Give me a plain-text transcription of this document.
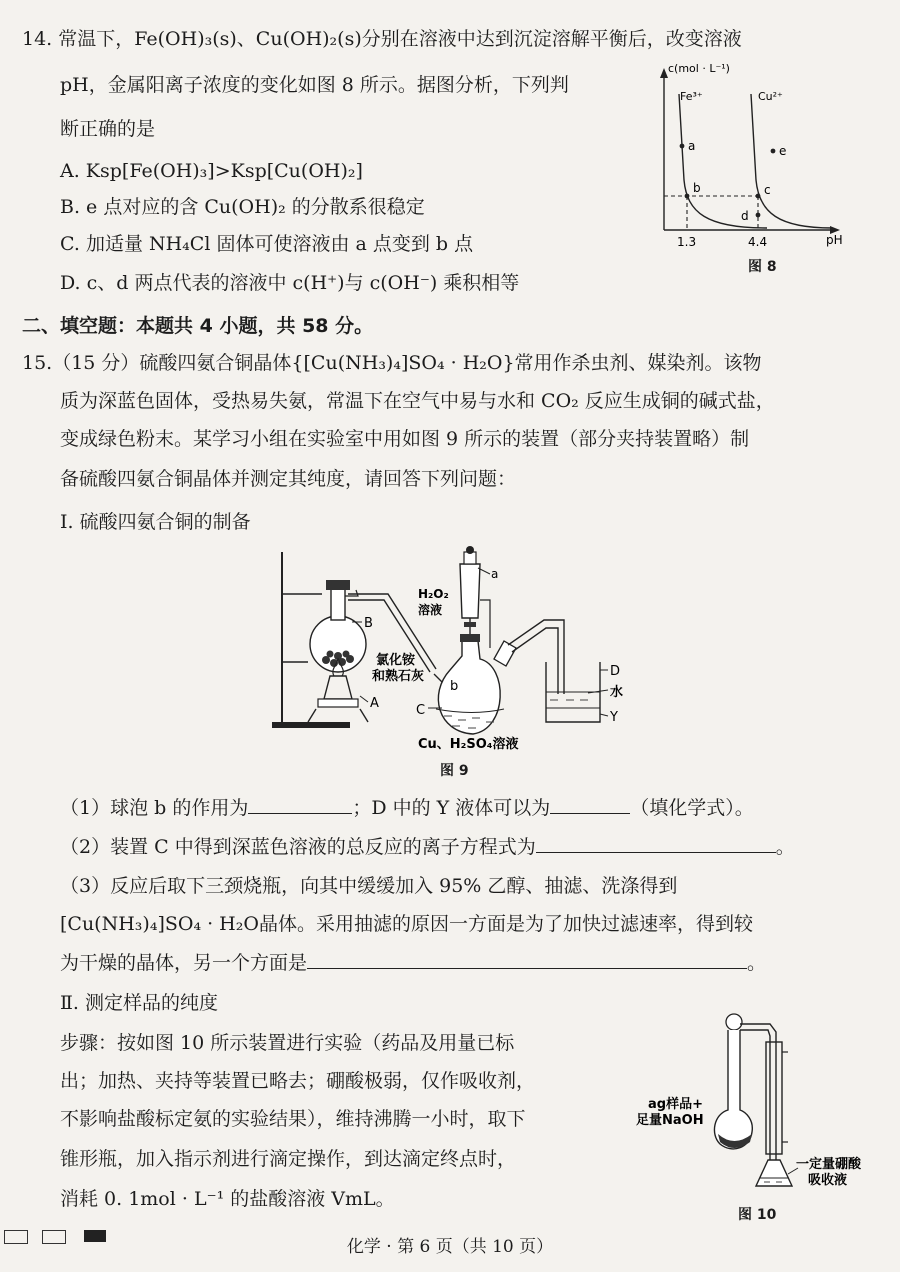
14. 常温下，Fe(OH)₃(s)、Cu(OH)₂(s)分别在溶液中达到沉淀溶解平衡后，改变溶液
pH，金属阳离子浓度的变化如图 8 所示。据图分析，下列判
断正确的是
A. Ksp[Fe(OH)₃]>Ksp[Cu(OH)₂]
B. e 点对应的含 Cu(OH)₂ 的分散系很稳定
C. 加适量 NH₄Cl 固体可使溶液由 a 点变到 b 点
D. c、d 两点代表的溶液中 c(H⁺)与 c(OH⁻) 乘积相等
c(mol · L⁻¹)
Fe³⁺	Cu²⁺
a
b	c
d
e
1.3	4.4	pH
图 8
二、填空题：本题共 4 小题，共 58 分。
15.（15 分）硫酸四氨合铜晶体{[Cu(NH₃)₄]SO₄ · H₂O}常用作杀虫剂、媒染剂。该物
质为深蓝色固体，受热易失氨，常温下在空气中易与水和 CO₂ 反应生成铜的碱式盐，
变成绿色粉末。某学习小组在实验室中用如图 9 所示的装置（部分夹持装置略）制
备硫酸四氨合铜晶体并测定其纯度，请回答下列问题：
I. 硫酸四氨合铜的制备
B
A
氯化铵
和熟石灰
H₂O₂
溶液
a
b
C
Cu、H₂SO₄溶液
D
水
Y
图 9
（1）球泡 b 的作用为	；D 中的 Y 液体可以为	（填化学式）。
（2）装置 C 中得到深蓝色溶液的总反应的离子方程式为	。
（3）反应后取下三颈烧瓶，向其中缓缓加入 95% 乙醇、抽滤、洗涤得到
[Cu(NH₃)₄]SO₄ · H₂O晶体。采用抽滤的原因一方面是为了加快过滤速率，得到较
为干燥的晶体，另一个方面是	。
Ⅱ. 测定样品的纯度
步骤：按如图 10 所示装置进行实验（药品及用量已标
出；加热、夹持等装置已略去；硼酸极弱，仅作吸收剂，
不影响盐酸标定氨的实验结果），维持沸腾一小时，取下
锥形瓶，加入指示剂进行滴定操作，到达滴定终点时，
消耗 0. 1mol · L⁻¹ 的盐酸溶液 VmL。
ag样品+
足量NaOH
一定量硼酸
吸收液
图 10
化学 · 第 6 页（共 10 页）
